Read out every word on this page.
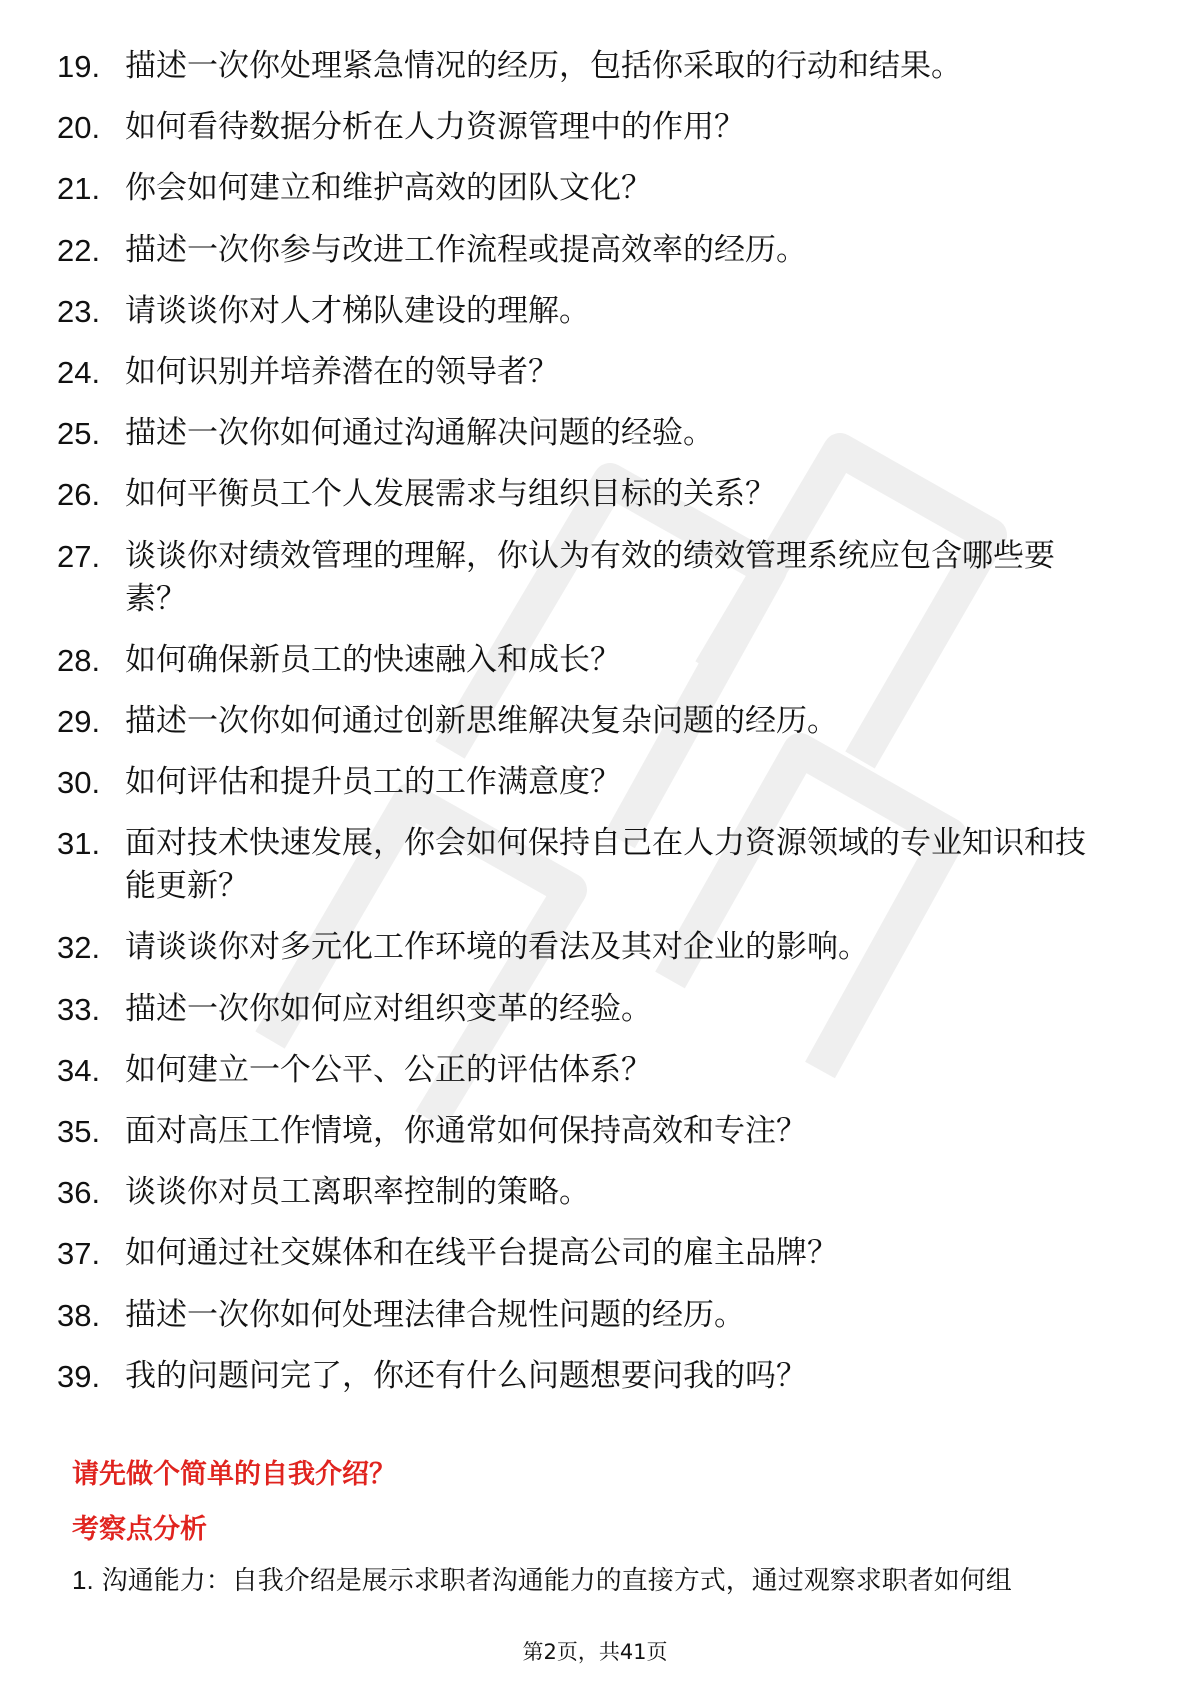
19. 描述一次你处理紧急情况的经历，包括你采取的行动和结果。
20. 如何看待数据分析在人力资源管理中的作用？
21. 你会如何建立和维护高效的团队文化？
22. 描述一次你参与改进工作流程或提高效率的经历。
23. 请谈谈你对人才梯队建设的理解。
24. 如何识别并培养潜在的领导者？
25. 描述一次你如何通过沟通解决问题的经验。
26. 如何平衡员工个人发展需求与组织目标的关系？
27. 谈谈你对绩效管理的理解，你认为有效的绩效管理系统应包含哪些要素？
28. 如何确保新员工的快速融入和成长？
29. 描述一次你如何通过创新思维解决复杂问题的经历。
30. 如何评估和提升员工的工作满意度？
31. 面对技术快速发展，你会如何保持自己在人力资源领域的专业知识和技能更新？
32. 请谈谈你对多元化工作环境的看法及其对企业的影响。
33. 描述一次你如何应对组织变革的经验。
34. 如何建立一个公平、公正的评估体系？
35. 面对高压工作情境，你通常如何保持高效和专注？
36. 谈谈你对员工离职率控制的策略。
37. 如何通过社交媒体和在线平台提高公司的雇主品牌？
38. 描述一次你如何处理法律合规性问题的经历。
39. 我的问题问完了，你还有什么问题想要问我的吗？
请先做个简单的自我介绍？
考察点分析
1. 沟通能力：自我介绍是展示求职者沟通能力的直接方式，通过观察求职者如何组
第2页，共41页
